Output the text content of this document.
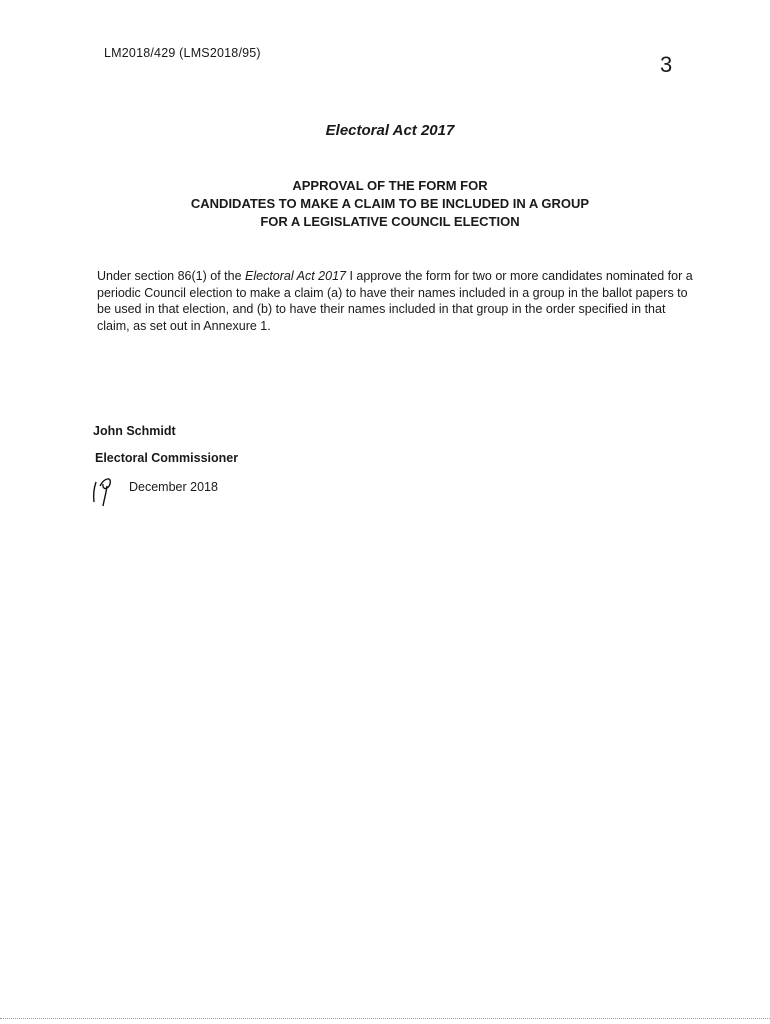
LM2018/429 (LMS2018/95)	3
Electoral Act 2017
APPROVAL OF THE FORM FOR
CANDIDATES TO MAKE A CLAIM TO BE INCLUDED IN A GROUP
FOR A LEGISLATIVE COUNCIL ELECTION
Under section 86(1) of the Electoral Act 2017 I approve the form for two or more candidates nominated for a periodic Council election to make a claim (a) to have their names included in a group in the ballot papers to be used in that election, and (b) to have their names included in that group in the order specified in that claim, as set out in Annexure 1.
John Schmidt
Electoral Commissioner
December 2018
